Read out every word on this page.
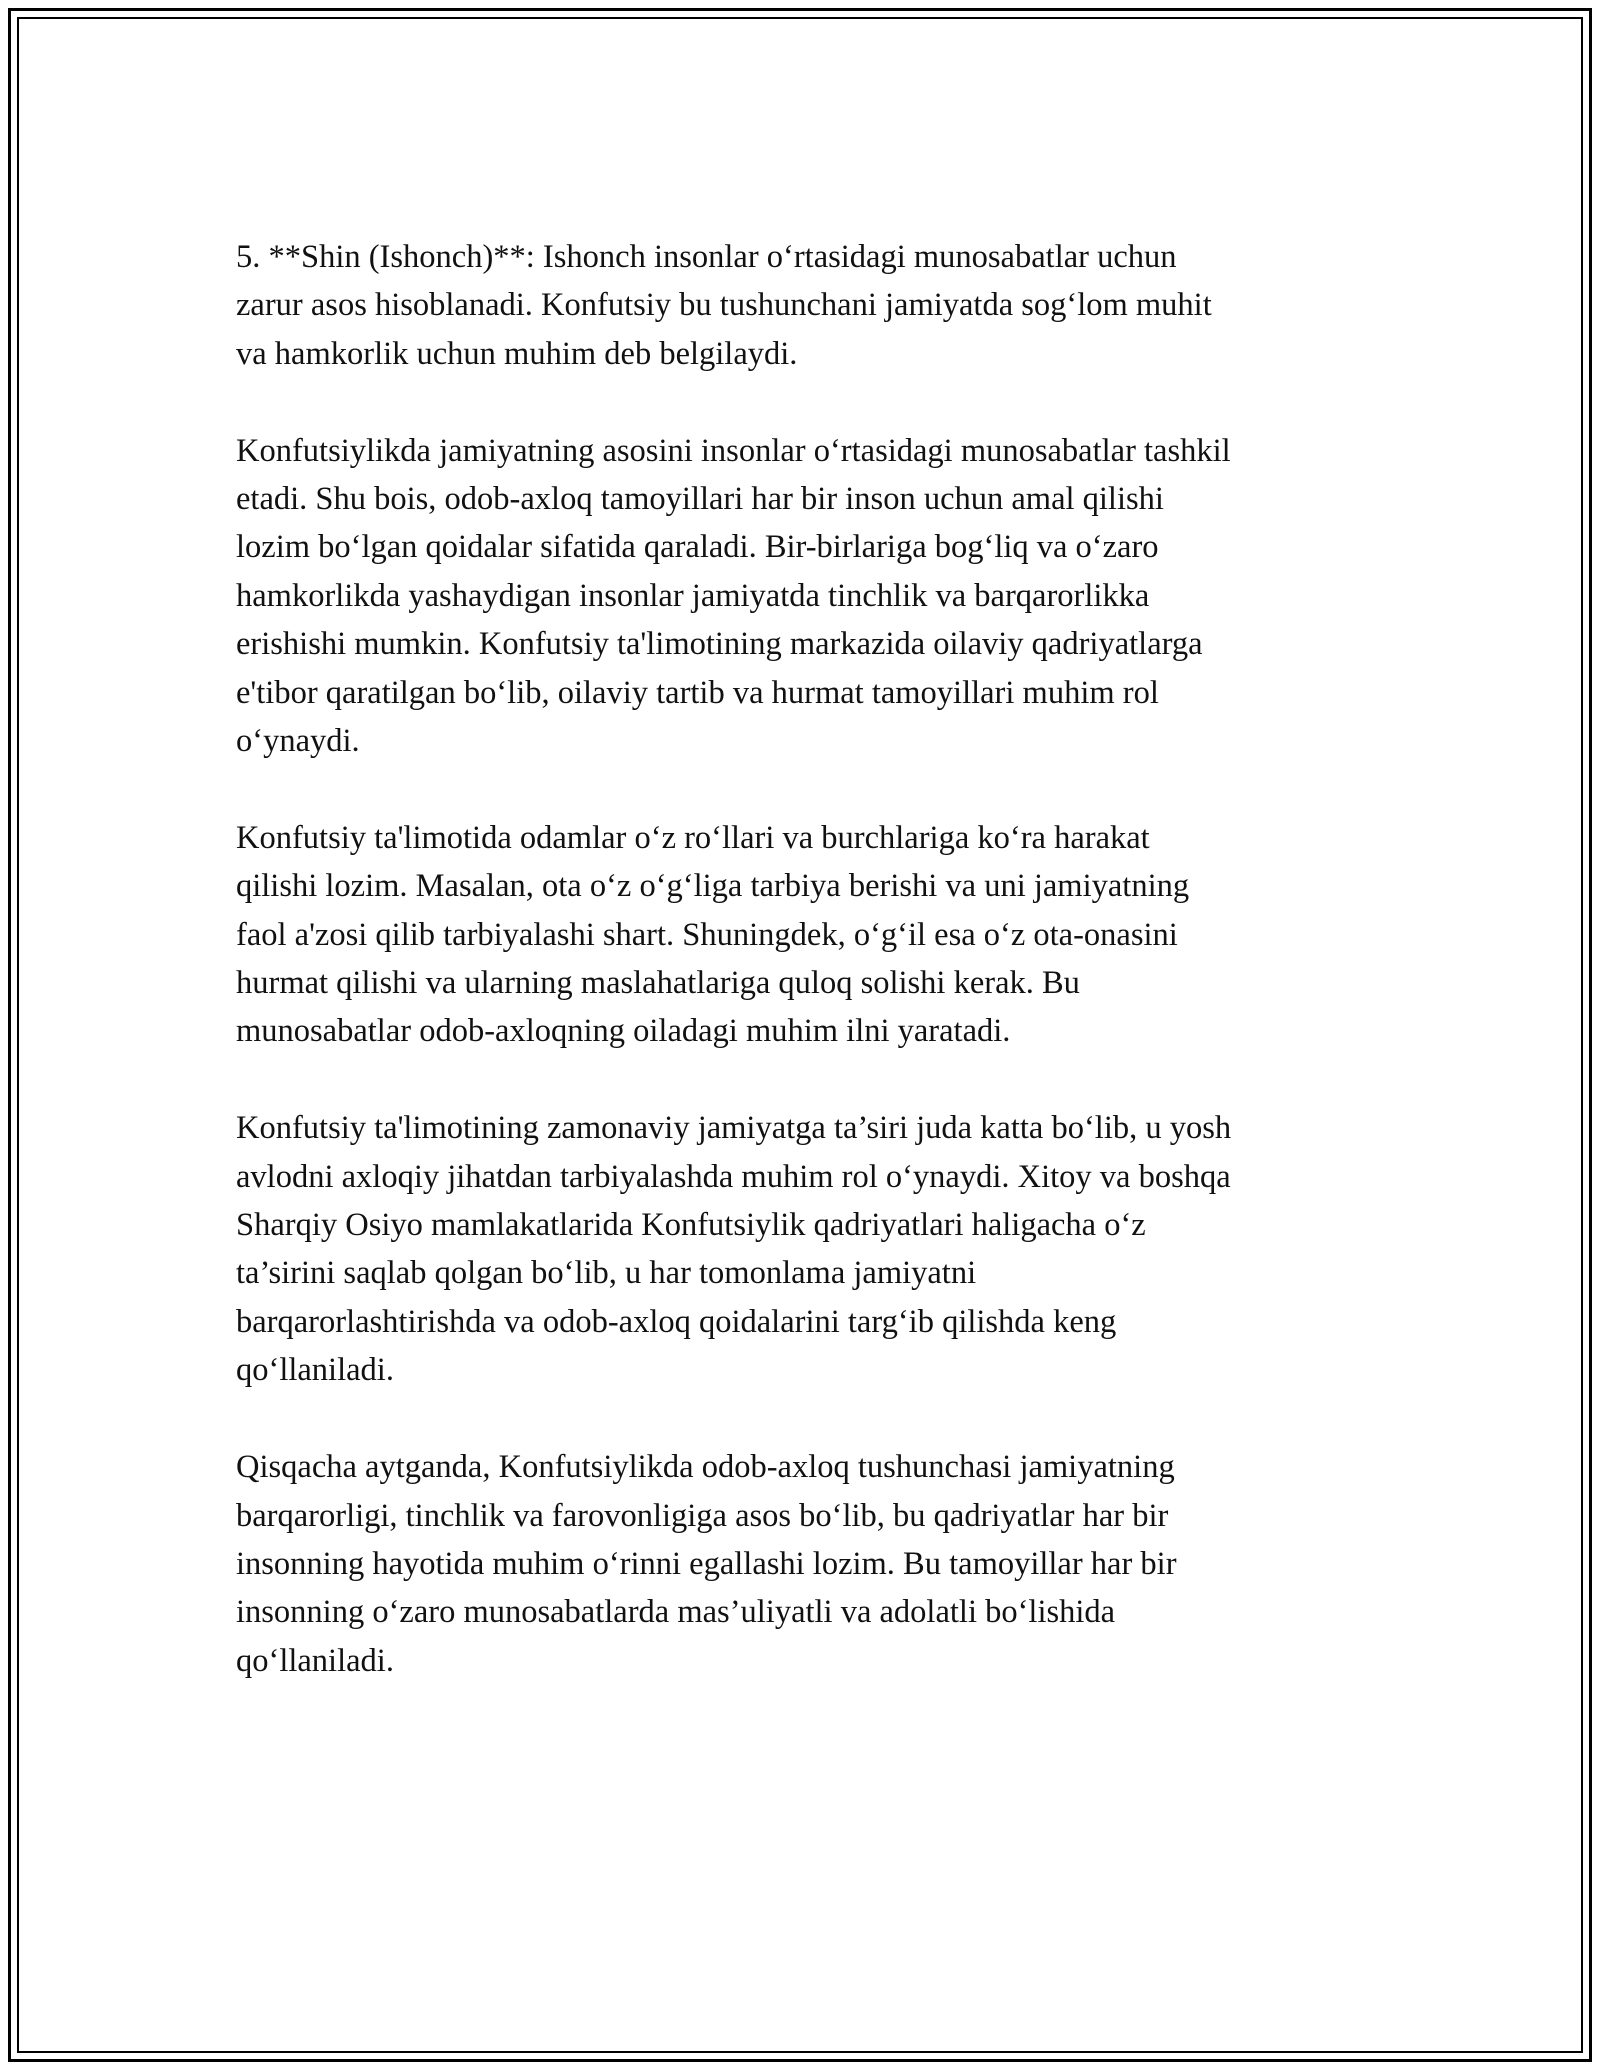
5. **Shin (Ishonch)**: Ishonch insonlar o‘rtasidagi munosabatlar uchun
zarur asos hisoblanadi. Konfutsiy bu tushunchani jamiyatda sog‘lom muhit
va hamkorlik uchun muhim deb belgilaydi.

Konfutsiylikda jamiyatning asosini insonlar o‘rtasidagi munosabatlar tashkil
etadi. Shu bois, odob-axloq tamoyillari har bir inson uchun amal qilishi
lozim bo‘lgan qoidalar sifatida qaraladi. Bir-birlariga bog‘liq va o‘zaro
hamkorlikda yashaydigan insonlar jamiyatda tinchlik va barqarorlikka
erishishi mumkin. Konfutsiy ta'limotining markazida oilaviy qadriyatlarga
e'tibor qaratilgan bo‘lib, oilaviy tartib va hurmat tamoyillari muhim rol
o‘ynaydi.

Konfutsiy ta'limotida odamlar o‘z ro‘llari va burchlariga ko‘ra harakat
qilishi lozim. Masalan, ota o‘z o‘g‘liga tarbiya berishi va uni jamiyatning
faol a'zosi qilib tarbiyalashi shart. Shuningdek, o‘g‘il esa o‘z ota-onasini
hurmat qilishi va ularning maslahatlariga quloq solishi kerak. Bu
munosabatlar odob-axloqning oiladagi muhim ilni yaratadi.

Konfutsiy ta'limotining zamonaviy jamiyatga ta’siri juda katta bo‘lib, u yosh
avlodni axloqiy jihatdan tarbiyalashda muhim rol o‘ynaydi. Xitoy va boshqa
Sharqiy Osiyo mamlakatlarida Konfutsiylik qadriyatlari haligacha o‘z
ta’sirini saqlab qolgan bo‘lib, u har tomonlama jamiyatni
barqarorlashtirishda va odob-axloq qoidalarini targ‘ib qilishda keng
qo‘llaniladi.

Qisqacha aytganda, Konfutsiylikda odob-axloq tushunchasi jamiyatning
barqarorligi, tinchlik va farovonligiga asos bo‘lib, bu qadriyatlar har bir
insonning hayotida muhim o‘rinni egallashi lozim. Bu tamoyillar har bir
insonning o‘zaro munosabatlarda mas’uliyatli va adolatli bo‘lishida
qo‘llaniladi.
